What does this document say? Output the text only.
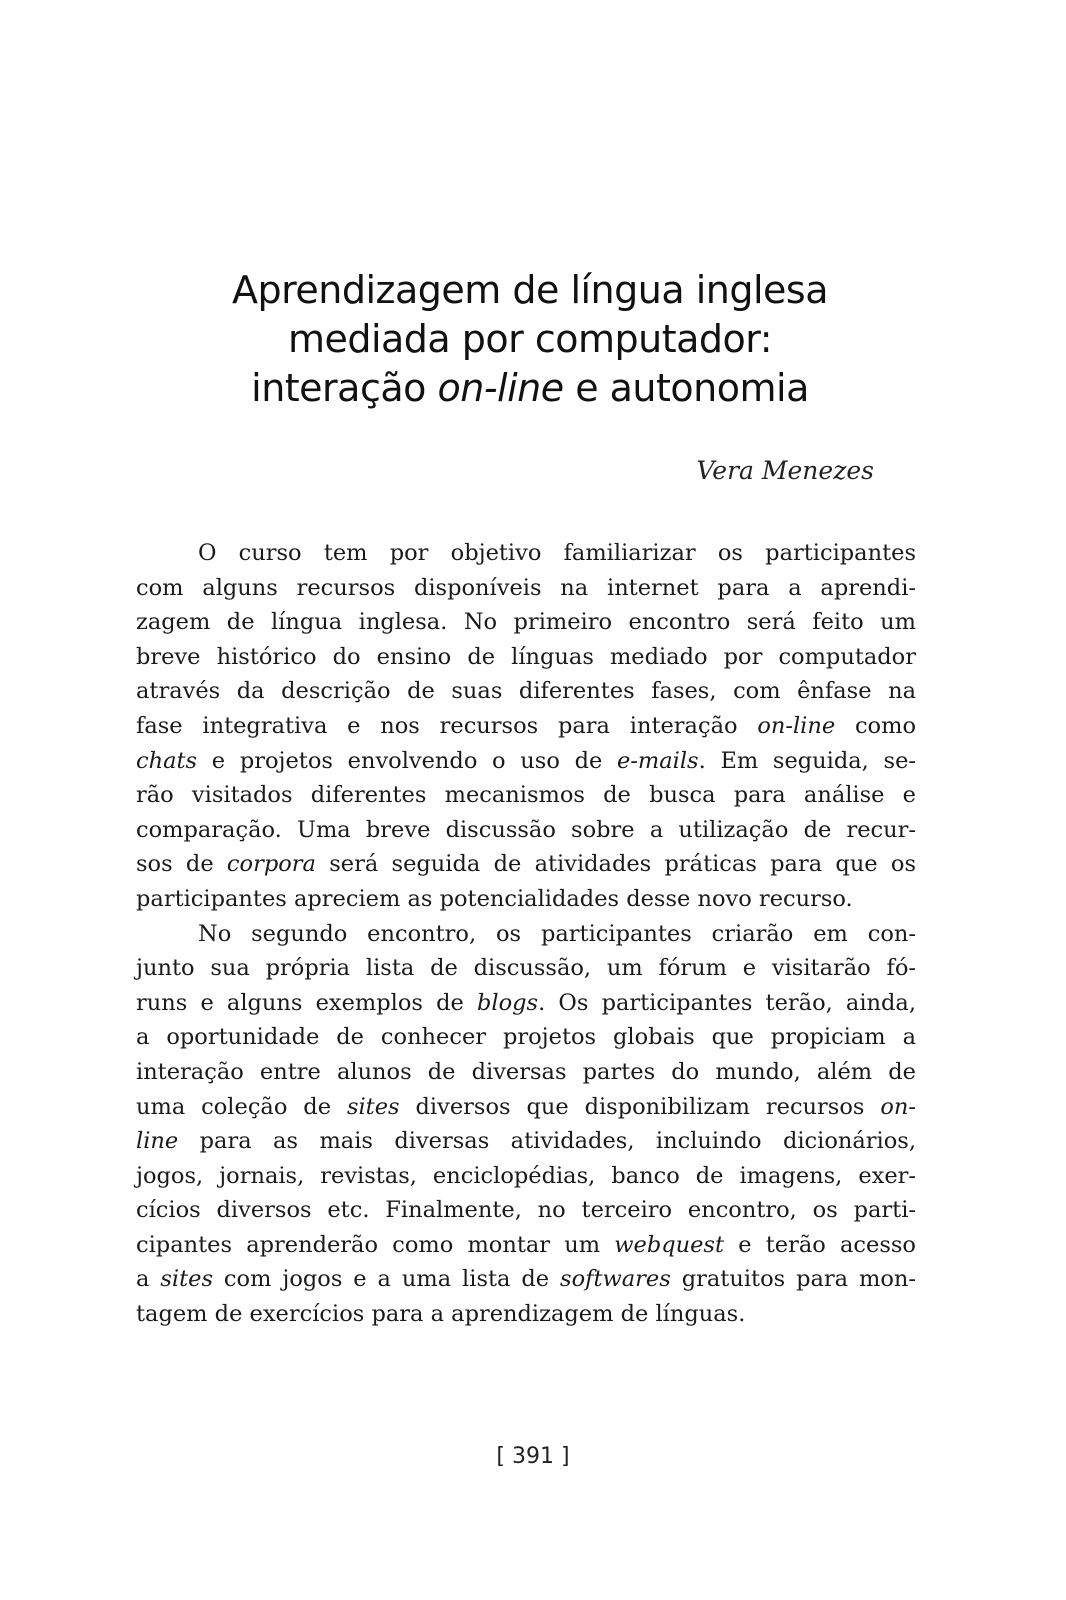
Aprendizagem de língua inglesa
mediada por computador:
interação on-line e autonomia
Vera Menezes
O curso tem por objetivo familiarizar os participantes
com alguns recursos disponíveis na internet para a aprendi-
zagem de língua inglesa. No primeiro encontro será feito um
breve histórico do ensino de línguas mediado por computador
através da descrição de suas diferentes fases, com ênfase na
fase integrativa e nos recursos para interação on-line como
chats e projetos envolvendo o uso de e-mails. Em seguida, se-
rão visitados diferentes mecanismos de busca para análise e
comparação. Uma breve discussão sobre a utilização de recur-
sos de corpora será seguida de atividades práticas para que os
participantes apreciem as potencialidades desse novo recurso.
No segundo encontro, os participantes criarão em con-
junto sua própria lista de discussão, um fórum e visitarão fó-
runs e alguns exemplos de blogs. Os participantes terão, ainda,
a oportunidade de conhecer projetos globais que propiciam a
interação entre alunos de diversas partes do mundo, além de
uma coleção de sites diversos que disponibilizam recursos on-
line para as mais diversas atividades, incluindo dicionários,
jogos, jornais, revistas, enciclopédias, banco de imagens, exer-
cícios diversos etc. Finalmente, no terceiro encontro, os parti-
cipantes aprenderão como montar um webquest e terão acesso
a sites com jogos e a uma lista de softwares gratuitos para mon-
tagem de exercícios para a aprendizagem de línguas.
[ 391 ]
